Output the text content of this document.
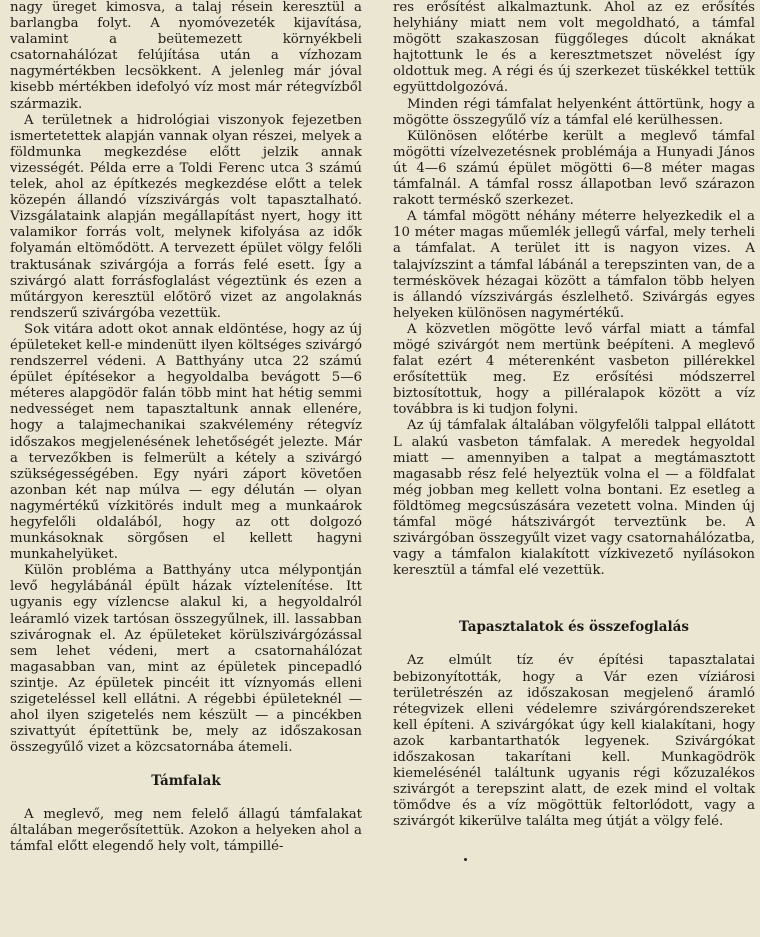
nagy üreget kimosva, a talaj résein keresztül a barlangba folyt. A nyomóvezeték kijavítása, valamint a beütemezett környékbeli csatornahálózat felújítása után a vízhozam nagymértékben lecsökkent. A jelenleg már jóval kisebb mértékben idefolyó víz most már rétegvízből származik.

A területnek a hidrológiai viszonyok fejezetben ismertetettek alapján vannak olyan részei, melyek a földmunka megkezdése előtt jelzik annak vizességét. Példa erre a Toldi Ferenc utca 3 számú telek, ahol az építkezés megkezdése előtt a telek közepén állandó vízszivárgás volt tapasztalható. Vizsgálataink alapján megállapítást nyert, hogy itt valamikor forrás volt, melynek kifolyása az idők folyamán eltömődött. A tervezett épület völgy felőli traktusának szivárgója a forrás felé esett. Így a szivárgó alatt forrásfoglalást végeztünk és ezen a műtárgyon keresztül előtörő vizet az angolaknás rendszerű szivárgóba vezettük.

Sok vitára adott okot annak eldöntése, hogy az új épületeket kell-e mindenütt ilyen költséges szivárgó rendszerrel védeni. A Batthyány utca 22 számú épület építésekor a hegyoldalba bevágott 5—6 méteres alapgödör falán több mint hat hétig semmi nedvességet nem tapasztaltunk annak ellenére, hogy a talajmechanikai szakvélemény rétegvíz időszakos megjelenésének lehetőségét jelezte. Már a tervezőkben is felmerült a kétely a szivárgó szükségességében. Egy nyári záport követően azonban két nap múlva — egy délután — olyan nagymértékű vízkitörés indult meg a munkaárok hegyfelőli oldalából, hogy az ott dolgozó munkásoknak sörgősen el kellett hagyni munkahelyüket.

Külön probléma a Batthyány utca mélypontján levő hegylábánál épült házak víztelenítése. Itt ugyanis egy vízlencse alakul ki, a hegyoldalról leáramló vizek tartósan összegyűlnek, ill. lassabban szivárognak el. Az épületeket körülszivárgózással sem lehet védeni, mert a csatornahálózat magasabban van, mint az épületek pincepadló szintje. Az épületek pincéit itt víznyomás elleni szigeteléssel kell ellátni. A régebbi épületeknél — ahol ilyen szigetelés nem készült — a pincékben szivattyút építettünk be, mely az időszakosan összegyűlő vizet a közcsatornába átemeli.

Támfalak

A meglevő, meg nem felelő állagú támfalakat általában megerősítettük. Azokon a helyeken ahol a támfal előtt elegendő hely volt, támpillé-

res erősítést alkalmaztunk. Ahol az ez erősítés helyhiány miatt nem volt megoldható, a támfal mögött szakaszosan függőleges dúcolt aknákat hajtottunk le és a keresztmetszet növelést így oldottuk meg. A régi és új szerkezet tüskékkel tettük együttdolgozóvá.

Minden régi támfalat helyenként áttörtünk, hogy a mögötte összegyűlő víz a támfal elé kerülhessen.

Különösen előtérbe került a meglevő támfal mögötti vízelvezetésnek problémája a Hunyadi János út 4—6 számú épület mögötti 6—8 méter magas támfalnál. A támfal rossz állapotban levő szárazon rakott terméskő szerkezet.

A támfal mögött néhány méterre helyezkedik el a 10 méter magas műemlék jellegű várfal, mely terheli a támfalat. A terület itt is nagyon vizes. A talajvízszint a támfal lábánál a terepszinten van, de a terméskövek hézagai között a támfalon több helyen is állandó vízszivárgás észlelhető. Szivárgás egyes helyeken különösen nagymértékű.

A közvetlen mögötte levő várfal miatt a támfal mögé szivárgót nem mertünk beépíteni. A meglevő falat ezért 4 méterenként vasbeton pillérekkel erősítettük meg. Ez erősítési módszerrel biztosítottuk, hogy a pilléralapok között a víz továbbra is ki tudjon folyni.

Az új támfalak általában völgyfelőli talppal ellátott L alakú vasbeton támfalak. A meredek hegyoldal miatt — amennyiben a talpat a megtámasztott magasabb rész felé helyeztük volna el — a földfalat még jobban meg kellett volna bontani. Ez esetleg a földtömeg megcsúszására vezetett volna. Minden új támfal mögé hátszivárgót terveztünk be. A szivárgóban összegyűlt vizet vagy csatornahálózatba, vagy a támfalon kialakított vízkivezető nyílásokon keresztül a támfal elé vezettük.

Tapasztalatok és összefoglalás

Az elmúlt tíz év építési tapasztalatai bebizonyították, hogy a Vár ezen víziárosi területrészén az időszakosan megjelenő áramló rétegvizek elleni védelemre szivárgórendszereket kell építeni. A szivárgókat úgy kell kialakítani, hogy azok karbantarthatók legyenek. Szivárgókat időszakosan takarítani kell. Munkagödrök kiemelésénél találtunk ugyanis régi kőzuzalékos szivárgót a terepszint alatt, de ezek mind el voltak tömődve és a víz mögöttük feltorlódott, vagy a szivárgót kikerülve találta meg útját a völgy felé.
